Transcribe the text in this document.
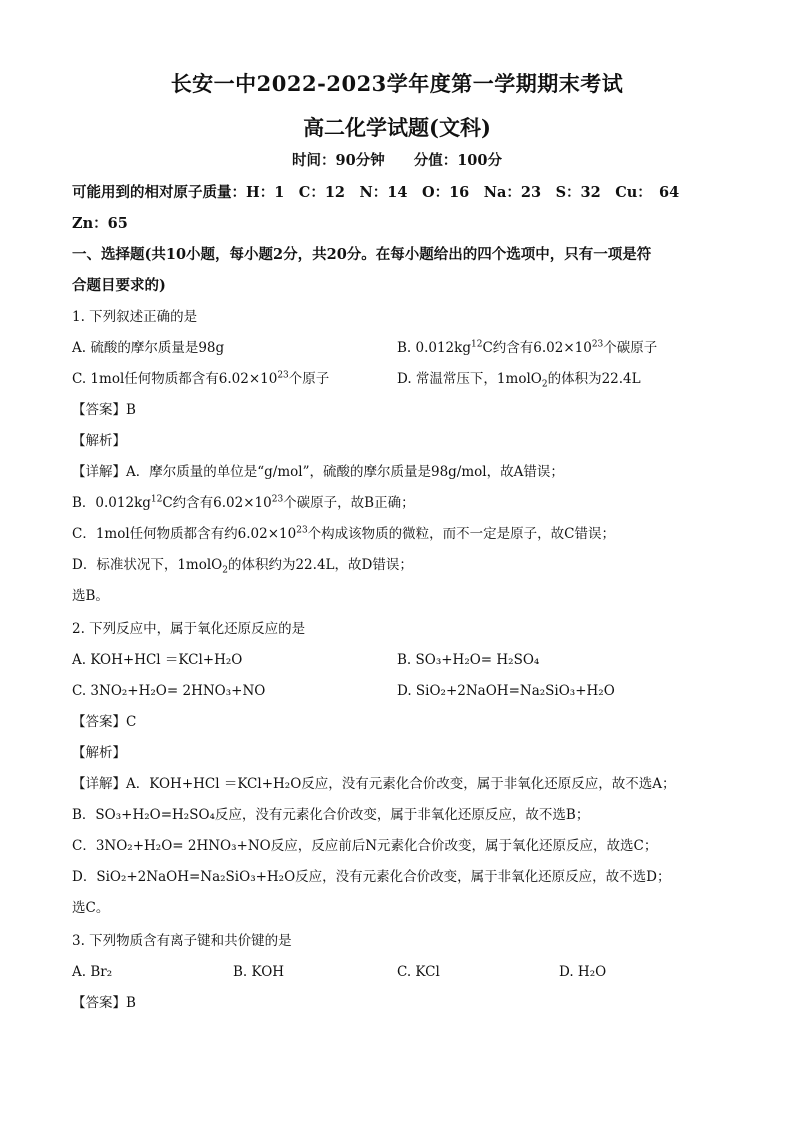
长安一中2022-2023学年度第一学期期末考试
高二化学试题(文科)
时间：90分钟　　分值：100分
可能用到的相对原子质量：H：1　C：12　N：14　O：16　Na：23　S：32　Cu：　64
Zn：65
一、选择题(共10小题，每小题2分，共20分。在每小题给出的四个选项中，只有一项是符
合题目要求的)
1. 下列叙述正确的是
A. 硫酸的摩尔质量是98g	B. $0.012kg^{12}C$约含有$6.02\times 10^{23}$个碳原子
C. 1mol任何物质都含有$6.02\times 10^{23}$个原子	D. 常温常压下，1molO$_2$的体积为22.4L
【答案】B
【解析】
【详解】A．摩尔质量的单位是“g/mol”，硫酸的摩尔质量是98g/mol，故A错误；
B．$0.012kg^{12}C$约含有$6.02\times 10^{23}$个碳原子，故B正确；
C．1mol任何物质都含有约$6.02\times 10^{23}$个构成该物质的微粒，而不一定是原子，故C错误；
D．标准状况下，1molO$_2$的体积约为22.4L，故D错误；
选B。
2. 下列反应中，属于氧化还原反应的是
A. KOH+HCl ＝KCl+H₂O	B. SO₃+H₂O= H₂SO₄
C. 3NO₂+H₂O= 2HNO₃+NO	D. SiO₂+2NaOH=Na₂SiO₃+H₂O
【答案】C
【解析】
【详解】A．KOH+HCl ＝KCl+H₂O反应，没有元素化合价改变，属于非氧化还原反应，故不选A；
B．SO₃+H₂O=H₂SO₄反应，没有元素化合价改变，属于非氧化还原反应，故不选B；
C．3NO₂+H₂O= 2HNO₃+NO反应，反应前后N元素化合价改变，属于氧化还原反应，故选C；
D．SiO₂+2NaOH=Na₂SiO₃+H₂O反应，没有元素化合价改变，属于非氧化还原反应，故不选D；
选C。
3. 下列物质含有离子键和共价键的是
A. Br₂	B. KOH	C. KCl	D. H₂O
【答案】B
